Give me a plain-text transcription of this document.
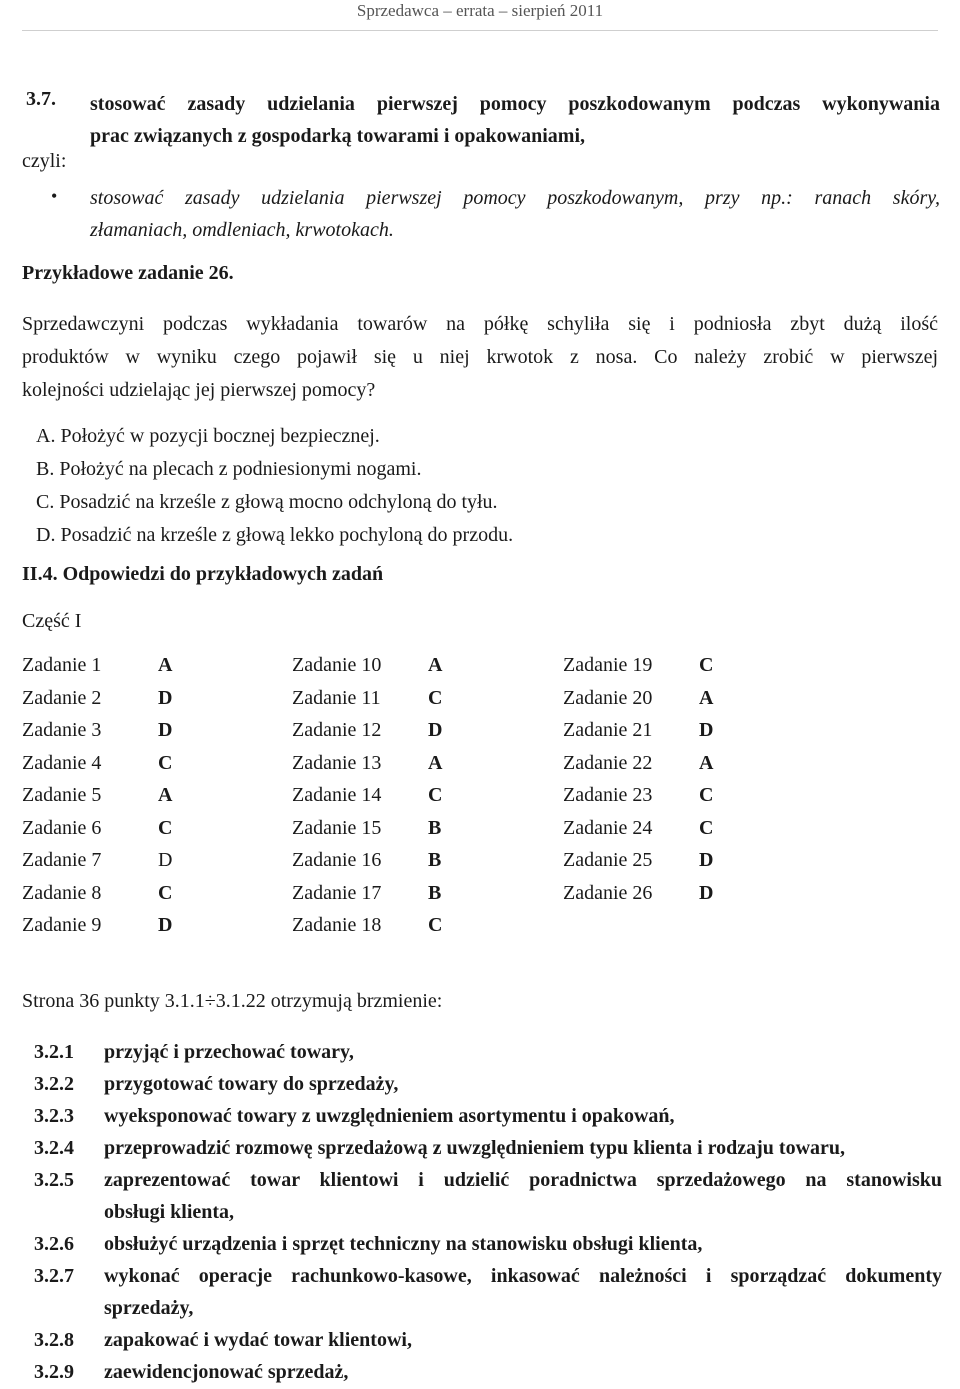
Sprzedawca – errata – sierpień 2011
3.7. stosować zasady udzielania pierwszej pomocy poszkodowanym podczas wykonywania
prac związanych z gospodarką towarami i opakowaniami,
czyli:
• stosować zasady udzielania pierwszej pomocy poszkodowanym, przy np.: ranach skóry,
złamaniach, omdleniach, krwotokach.
Przykładowe zadanie 26.
Sprzedawczyni podczas wykładania towarów na półkę schyliła się i podniosła zbyt dużą ilość
produktów w wyniku czego pojawił się u niej krwotok z nosa. Co należy zrobić w pierwszej
kolejności udzielając jej pierwszej pomocy?
A. Położyć w pozycji bocznej bezpiecznej.
B. Położyć na plecach z podniesionymi nogami.
C. Posadzić na krześle z głową mocno odchyloną do tyłu.
D. Posadzić na krześle z głową lekko pochyloną do przodu.
II.4. Odpowiedzi do przykładowych zadań
Część I
Zadanie 1	A	Zadanie 10	A	Zadanie 19	C
Zadanie 2	D	Zadanie 11	C	Zadanie 20	A
Zadanie 3	D	Zadanie 12	D	Zadanie 21	D
Zadanie 4	C	Zadanie 13	A	Zadanie 22	A
Zadanie 5	A	Zadanie 14	C	Zadanie 23	C
Zadanie 6	C	Zadanie 15	B	Zadanie 24	C
Zadanie 7	D	Zadanie 16	B	Zadanie 25	D
Zadanie 8	C	Zadanie 17	B	Zadanie 26	D
Zadanie 9	D	Zadanie 18	C		
Strona 36 punkty 3.1.1÷3.1.22 otrzymują brzmienie:
3.2.1	przyjąć i przechować towary,
3.2.2	przygotować towary do sprzedaży,
3.2.3	wyeksponować towary z uwzględnieniem asortymentu i opakowań,
3.2.4	przeprowadzić rozmowę sprzedażową z uwzględnieniem typu klienta i rodzaju towaru,
3.2.5	zaprezentować towar klientowi i udzielić poradnictwa sprzedażowego na stanowisku
obsługi klienta,
3.2.6	obsłużyć urządzenia i sprzęt techniczny na stanowisku obsługi klienta,
3.2.7	wykonać operacje rachunkowo-kasowe, inkasować należności i sporządzać dokumenty
sprzedaży,
3.2.8	zapakować i wydać towar klientowi,
3.2.9	zaewidencjonować sprzedaż,
